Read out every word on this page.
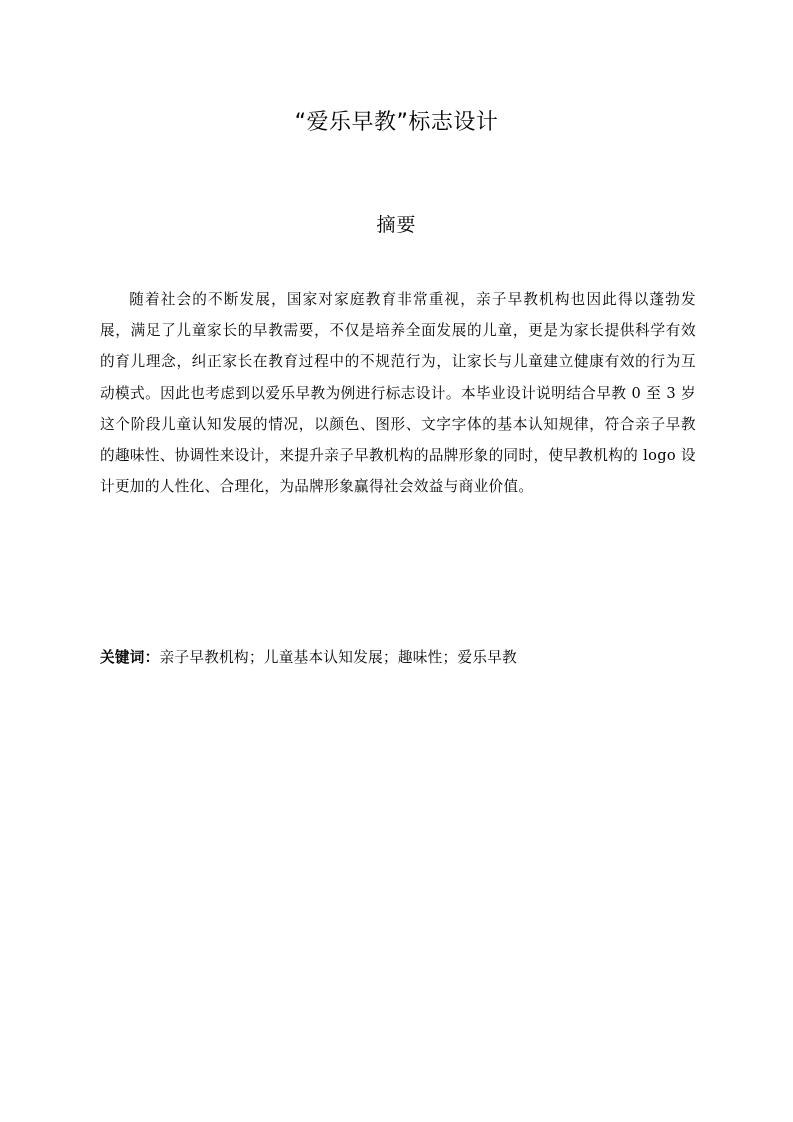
“爱乐早教”标志设计
摘要

随着社会的不断发展，国家对家庭教育非常重视，亲子早教机构也因此得以蓬勃发展，满足了儿童家长的早教需要，不仅是培养全面发展的儿童，更是为家长提供科学有效的育儿理念，纠正家长在教育过程中的不规范行为，让家长与儿童建立健康有效的行为互动模式。因此也考虑到以爱乐早教为例进行标志设计。本毕业设计说明结合早教 0 至 3 岁这个阶段儿童认知发展的情况，以颜色、图形、文字字体的基本认知规律，符合亲子早教的趣味性、协调性来设计，来提升亲子早教机构的品牌形象的同时，使早教机构的 logo 设计更加的人性化、合理化，为品牌形象赢得社会效益与商业价值。

关键词：亲子早教机构；儿童基本认知发展；趣味性；爱乐早教
